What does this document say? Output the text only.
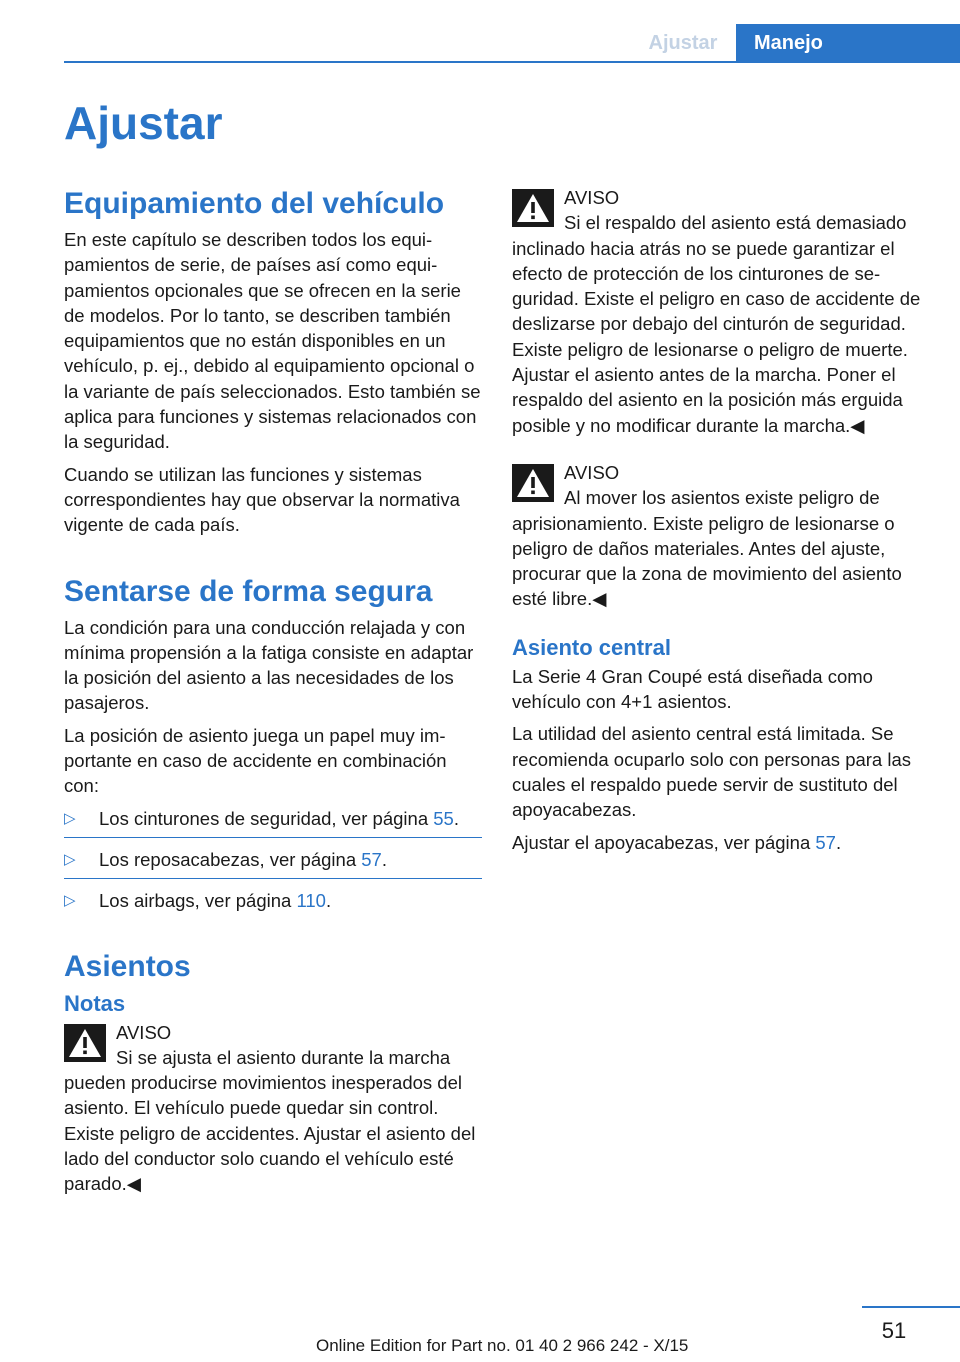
Ajustar	Manejo
Ajustar
Equipamiento del vehículo

En este capítulo se describen todos los equipamientos de serie, de países así como equipamientos opcionales que se ofrecen en la serie de modelos. Por lo tanto, se describen también equipamientos que no están disponibles en un vehículo, p. ej., debido al equipamiento opcional o la variante de país seleccionados. Esto también se aplica para funciones y sistemas relacionados con la seguridad.

Cuando se utilizan las funciones y sistemas correspondientes hay que observar la normativa vigente de cada país.

Sentarse de forma segura

La condición para una conducción relajada y con mínima propensión a la fatiga consiste en adaptar la posición del asiento a las necesidades de los pasajeros.

La posición de asiento juega un papel muy importante en caso de accidente en combinación con:

▷ Los cinturones de seguridad, ver página 55.
▷ Los reposacabezas, ver página 57.
▷ Los airbags, ver página 110.
Asientos
Notas
AVISO
Si se ajusta el asiento durante la marcha pueden producirse movimientos inesperados del asiento. El vehículo puede quedar sin control. Existe peligro de accidentes. Ajustar el asiento del lado del conductor solo cuando el vehículo esté parado.◀
AVISO
Si el respaldo del asiento está demasiado inclinado hacia atrás no se puede garantizar el efecto de protección de los cinturones de seguridad. Existe el peligro en caso de accidente de deslizarse por debajo del cinturón de seguridad. Existe peligro de lesionarse o peligro de muerte. Ajustar el asiento antes de la marcha. Poner el respaldo del asiento en la posición más erguida posible y no modificar durante la marcha.◀
AVISO
Al mover los asientos existe peligro de aprisionamiento. Existe peligro de lesionarse o peligro de daños materiales. Antes del ajuste, procurar que la zona de movimiento del asiento esté libre.◀
Asiento central

La Serie 4 Gran Coupé está diseñada como vehículo con 4+1 asientos.

La utilidad del asiento central está limitada. Se recomienda ocuparlo solo con personas para las cuales el respaldo puede servir de sustituto del apoyacabezas.

Ajustar el apoyacabezas, ver página 57.

51
Online Edition for Part no. 01 40 2 966 242 - X/15
